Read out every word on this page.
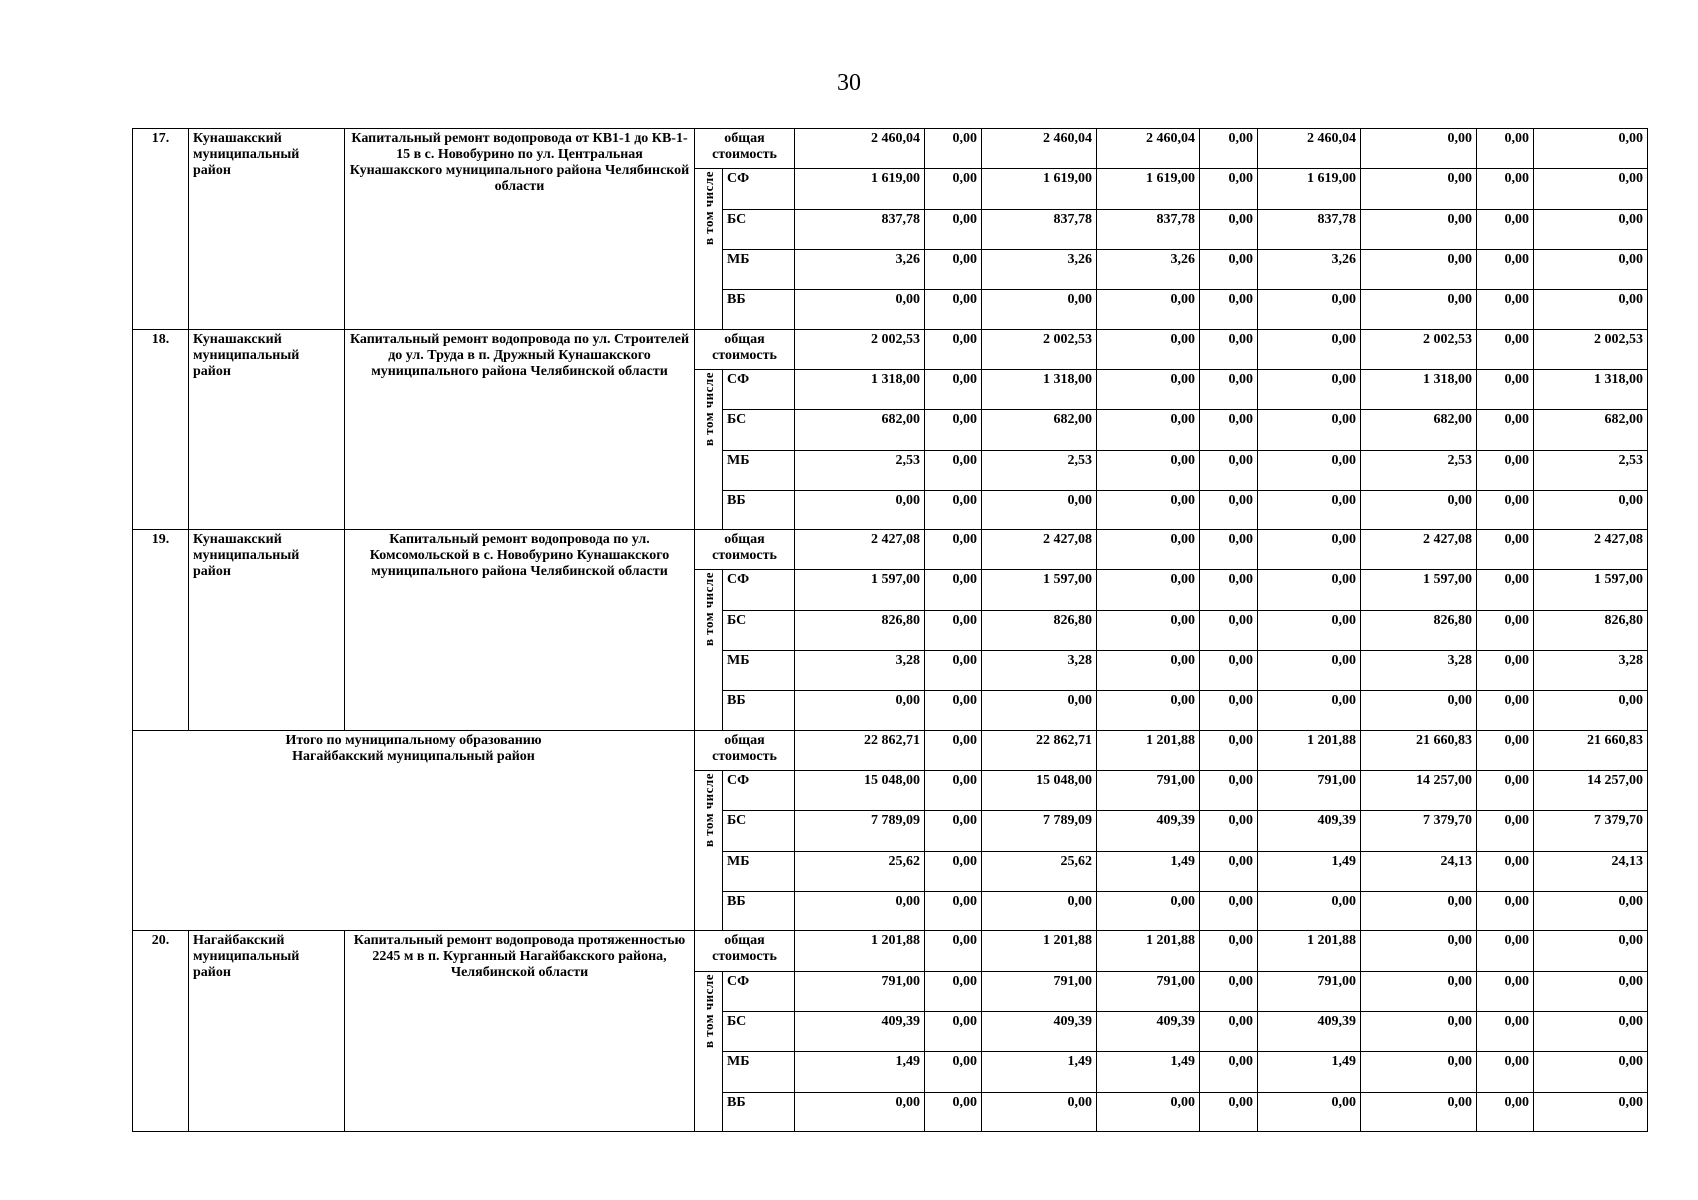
30
17.	Кунашакский муниципальный район	Капитальный ремонт водопровода от КВ1-1 до КВ-1-15 в с. Новобурино по ул. Центральная Кунашакского муниципального района Челябинской области	общая стоимость		2 460,04	0,00	2 460,04	2 460,04	0,00	2 460,04	0,00	0,00	0,00
			в том числе	СФ	1 619,00	0,00	1 619,00	1 619,00	0,00	1 619,00	0,00	0,00	0,00
				БС	837,78	0,00	837,78	837,78	0,00	837,78	0,00	0,00	0,00
				МБ	3,26	0,00	3,26	3,26	0,00	3,26	0,00	0,00	0,00
				ВБ	0,00	0,00	0,00	0,00	0,00	0,00	0,00	0,00	0,00
18.	Кунашакский муниципальный район	Капитальный ремонт водопровода по ул. Строителей до ул. Труда в п. Дружный Кунашакского муниципального района Челябинской области	общая стоимость		2 002,53	0,00	2 002,53	0,00	0,00	0,00	2 002,53	0,00	2 002,53
			в том числе	СФ	1 318,00	0,00	1 318,00	0,00	0,00	0,00	1 318,00	0,00	1 318,00
				БС	682,00	0,00	682,00	0,00	0,00	0,00	682,00	0,00	682,00
				МБ	2,53	0,00	2,53	0,00	0,00	0,00	2,53	0,00	2,53
				ВБ	0,00	0,00	0,00	0,00	0,00	0,00	0,00	0,00	0,00
19.	Кунашакский муниципальный район	Капитальный ремонт водопровода по ул. Комсомольской в с. Новобурино Кунашакского муниципального района Челябинской области	общая стоимость		2 427,08	0,00	2 427,08	0,00	0,00	0,00	2 427,08	0,00	2 427,08
			в том числе	СФ	1 597,00	0,00	1 597,00	0,00	0,00	0,00	1 597,00	0,00	1 597,00
				БС	826,80	0,00	826,80	0,00	0,00	0,00	826,80	0,00	826,80
				МБ	3,28	0,00	3,28	0,00	0,00	0,00	3,28	0,00	3,28
				ВБ	0,00	0,00	0,00	0,00	0,00	0,00	0,00	0,00	0,00

Итого по муниципальному образованию
Нагайбакский муниципальный район			общая стоимость		22 862,71	0,00	22 862,71	1 201,88	0,00	1 201,88	21 660,83	0,00	21 660,83
			в том числе	СФ	15 048,00	0,00	15 048,00	791,00	0,00	791,00	14 257,00	0,00	14 257,00
				БС	7 789,09	0,00	7 789,09	409,39	0,00	409,39	7 379,70	0,00	7 379,70
				МБ	25,62	0,00	25,62	1,49	0,00	1,49	24,13	0,00	24,13
				ВБ	0,00	0,00	0,00	0,00	0,00	0,00	0,00	0,00	0,00
20.	Нагайбакский муниципальный район	Капитальный ремонт водопровода протяженностью 2245 м в п. Курганный Нагайбакского района, Челябинской области	общая стоимость		1 201,88	0,00	1 201,88	1 201,88	0,00	1 201,88	0,00	0,00	0,00
			в том числе	СФ	791,00	0,00	791,00	791,00	0,00	791,00	0,00	0,00	0,00
				БС	409,39	0,00	409,39	409,39	0,00	409,39	0,00	0,00	0,00
				МБ	1,49	0,00	1,49	1,49	0,00	1,49	0,00	0,00	0,00
				ВБ	0,00	0,00	0,00	0,00	0,00	0,00	0,00	0,00	0,00
